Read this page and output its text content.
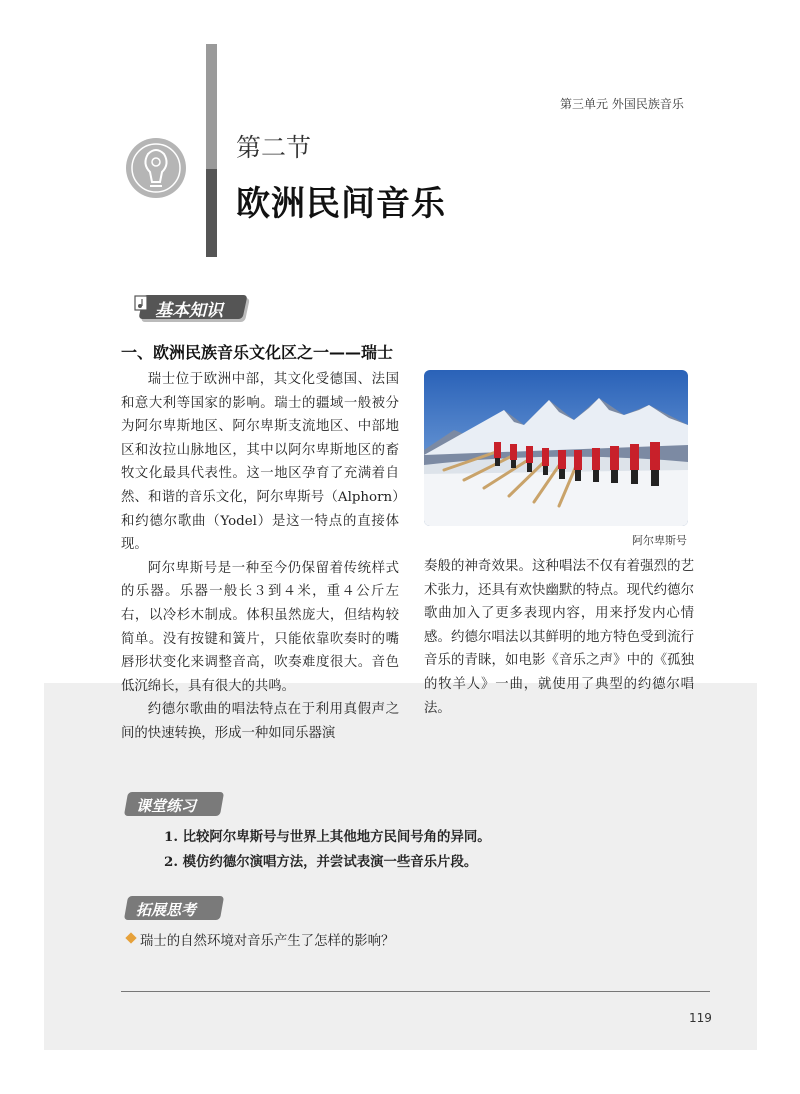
第三单元 外国民族音乐
第二节
欧洲民间音乐
基本知识
一、欧洲民族音乐文化区之一——瑞士

瑞士位于欧洲中部，其文化受德国、法国和意大利等国家的影响。瑞士的疆域一般被分为阿尔卑斯地区、阿尔卑斯支流地区、中部地区和汝拉山脉地区，其中以阿尔卑斯地区的畜牧文化最具代表性。这一地区孕育了充满着自然、和谐的音乐文化，阿尔卑斯号（Alphorn）和约德尔歌曲（Yodel）是这一特点的直接体现。

阿尔卑斯号是一种至今仍保留着传统样式的乐器。乐器一般长３到４米，重４公斤左右，以冷杉木制成。体积虽然庞大，但结构较简单。没有按键和簧片，只能依靠吹奏时的嘴唇形状变化来调整音高，吹奏难度很大。音色低沉绵长，具有很大的共鸣。

约德尔歌曲的唱法特点在于利用真假声之间的快速转换，形成一种如同乐器演

阿尔卑斯号

奏般的神奇效果。这种唱法不仅有着强烈的艺术张力，还具有欢快幽默的特点。现代约德尔歌曲加入了更多表现内容，用来抒发内心情感。约德尔唱法以其鲜明的地方特色受到流行音乐的青睐，如电影《音乐之声》中的《孤独的牧羊人》一曲，就使用了典型的约德尔唱法。

课堂练习
1. 比较阿尔卑斯号与世界上其他地方民间号角的异同。
2. 模仿约德尔演唱方法，并尝试表演一些音乐片段。
拓展思考
瑞士的自然环境对音乐产生了怎样的影响？
119
